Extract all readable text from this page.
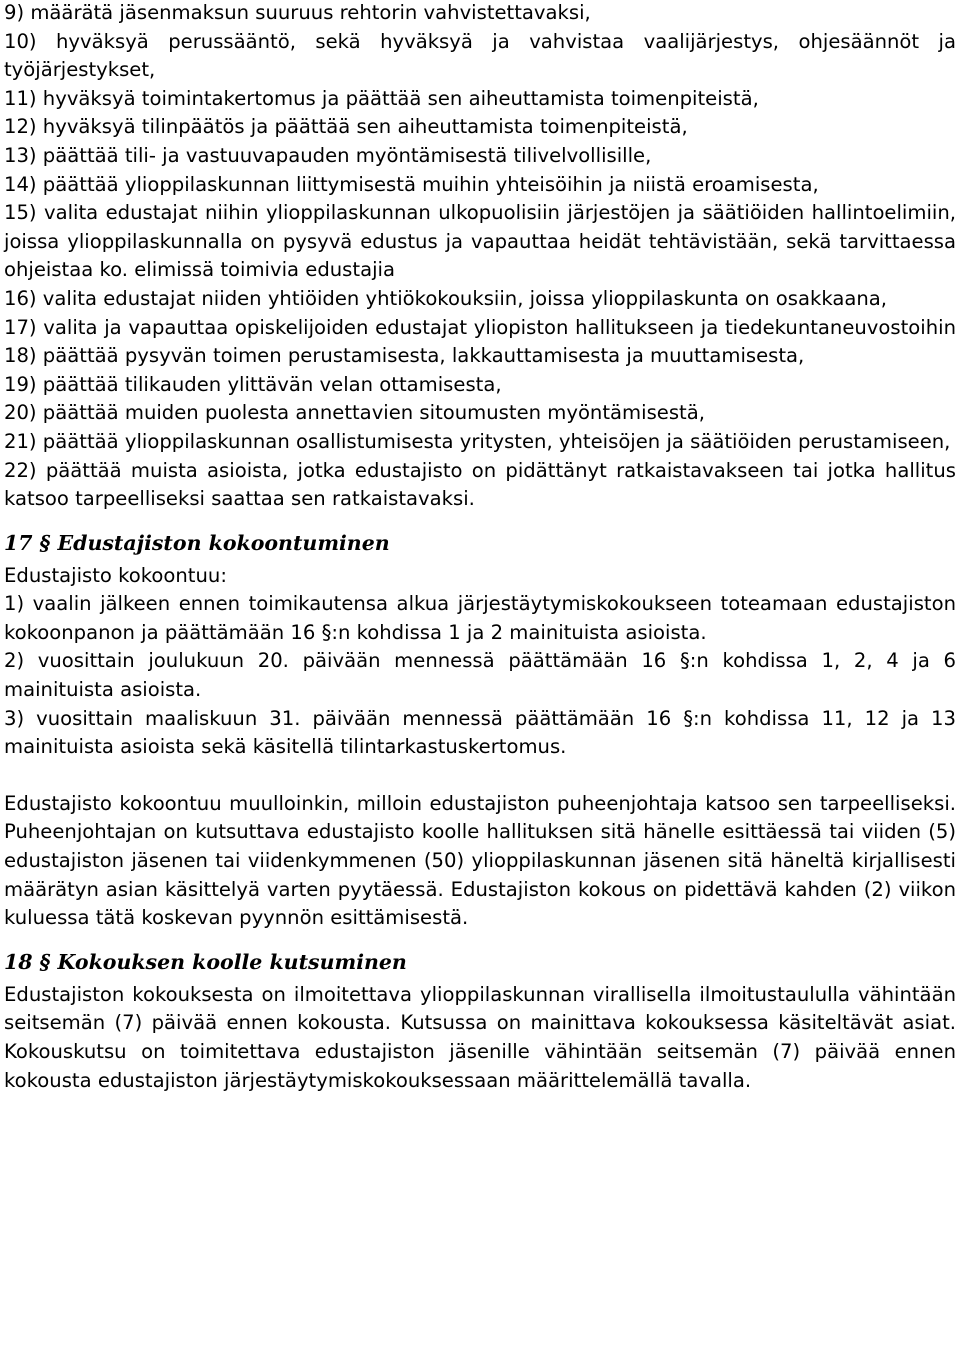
9) määrätä jäsenmaksun suuruus rehtorin vahvistettavaksi,

10) hyväksyä perussääntö, sekä hyväksyä ja vahvistaa vaalijärjestys, ohjesäännöt ja työjärjestykset,

11) hyväksyä toimintakertomus ja päättää sen aiheuttamista toimenpiteistä,

12) hyväksyä tilinpäätös ja päättää sen aiheuttamista toimenpiteistä,

13) päättää tili- ja vastuuvapauden myöntämisestä tilivelvollisille,

14) päättää ylioppilaskunnan liittymisestä muihin yhteisöihin ja niistä eroamisesta,

15) valita edustajat niihin ylioppilaskunnan ulkopuolisiin järjestöjen ja säätiöiden hallintoelimiin, joissa ylioppilaskunnalla on pysyvä edustus ja vapauttaa heidät tehtävistään, sekä tarvittaessa ohjeistaa ko. elimissä toimivia edustajia

16) valita edustajat niiden yhtiöiden yhtiökokouksiin, joissa ylioppilaskunta on osakkaana,

17) valita ja vapauttaa opiskelijoiden edustajat yliopiston hallitukseen ja tiedekuntaneuvostoihin 18) päättää pysyvän toimen perustamisesta, lakkauttamisesta ja muuttamisesta,

19) päättää tilikauden ylittävän velan ottamisesta,

20) päättää muiden puolesta annettavien sitoumusten myöntämisestä,

21) päättää ylioppilaskunnan osallistumisesta yritysten, yhteisöjen ja säätiöiden perustamiseen,

22) päättää muista asioista, jotka edustajisto on pidättänyt ratkaistavakseen tai jotka hallitus katsoo tarpeelliseksi saattaa sen ratkaistavaksi.

17 § Edustajiston kokoontuminen

Edustajisto kokoontuu:

1) vaalin jälkeen ennen toimikautensa alkua järjestäytymiskokoukseen toteamaan edustajiston kokoonpanon ja päättämään 16 §:n kohdissa 1 ja 2 mainituista asioista.

2) vuosittain joulukuun 20. päivään mennessä päättämään 16 §:n kohdissa 1, 2, 4 ja 6 mainituista asioista.

3) vuosittain maaliskuun 31. päivään mennessä päättämään 16 §:n kohdissa 11, 12 ja 13 mainituista asioista sekä käsitellä tilintarkastuskertomus.

Edustajisto kokoontuu muulloinkin, milloin edustajiston puheenjohtaja katsoo sen tarpeelliseksi. Puheenjohtajan on kutsuttava edustajisto koolle hallituksen sitä hänelle esittäessä tai viiden (5) edustajiston jäsenen tai viidenkymmenen (50) ylioppilaskunnan jäsenen sitä häneltä kirjallisesti määrätyn asian käsittelyä varten pyytäessä. Edustajiston kokous on pidettävä kahden (2) viikon kuluessa tätä koskevan pyynnön esittämisestä.

18 § Kokouksen koolle kutsuminen

Edustajiston kokouksesta on ilmoitettava ylioppilaskunnan virallisella ilmoitustaululla vähintään seitsemän (7) päivää ennen kokousta. Kutsussa on mainittava kokouksessa käsiteltävät asiat. Kokouskutsu on toimitettava edustajiston jäsenille vähintään seitsemän (7) päivää ennen kokousta edustajiston järjestäytymiskokouksessaan määrittelemällä tavalla.
